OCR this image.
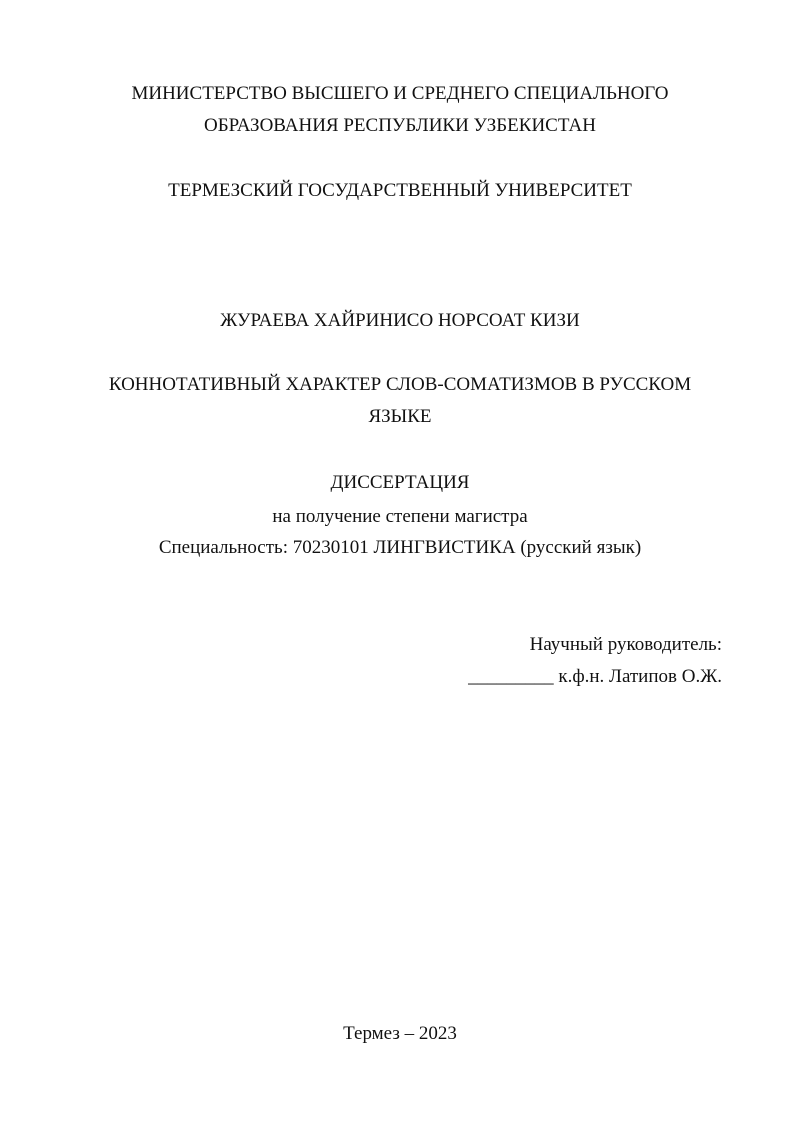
МИНИСТЕРСТВО ВЫСШЕГО И СРЕДНЕГО СПЕЦИАЛЬНОГО
ОБРАЗОВАНИЯ РЕСПУБЛИКИ УЗБЕКИСТАН
ТЕРМЕЗСКИЙ ГОСУДАРСТВЕННЫЙ УНИВЕРСИТЕТ
ЖУРАЕВА ХАЙРИНИСО НОРСОАТ КИЗИ
КОННОТАТИВНЫЙ ХАРАКТЕР СЛОВ-СОМАТИЗМОВ В РУССКОМ
ЯЗЫКЕ
ДИССЕРТАЦИЯ
на получение степени магистра
Специальность: 70230101 ЛИНГВИСТИКА (русский язык)
Научный руководитель:
_________ к.ф.н. Латипов О.Ж.
Термез – 2023
